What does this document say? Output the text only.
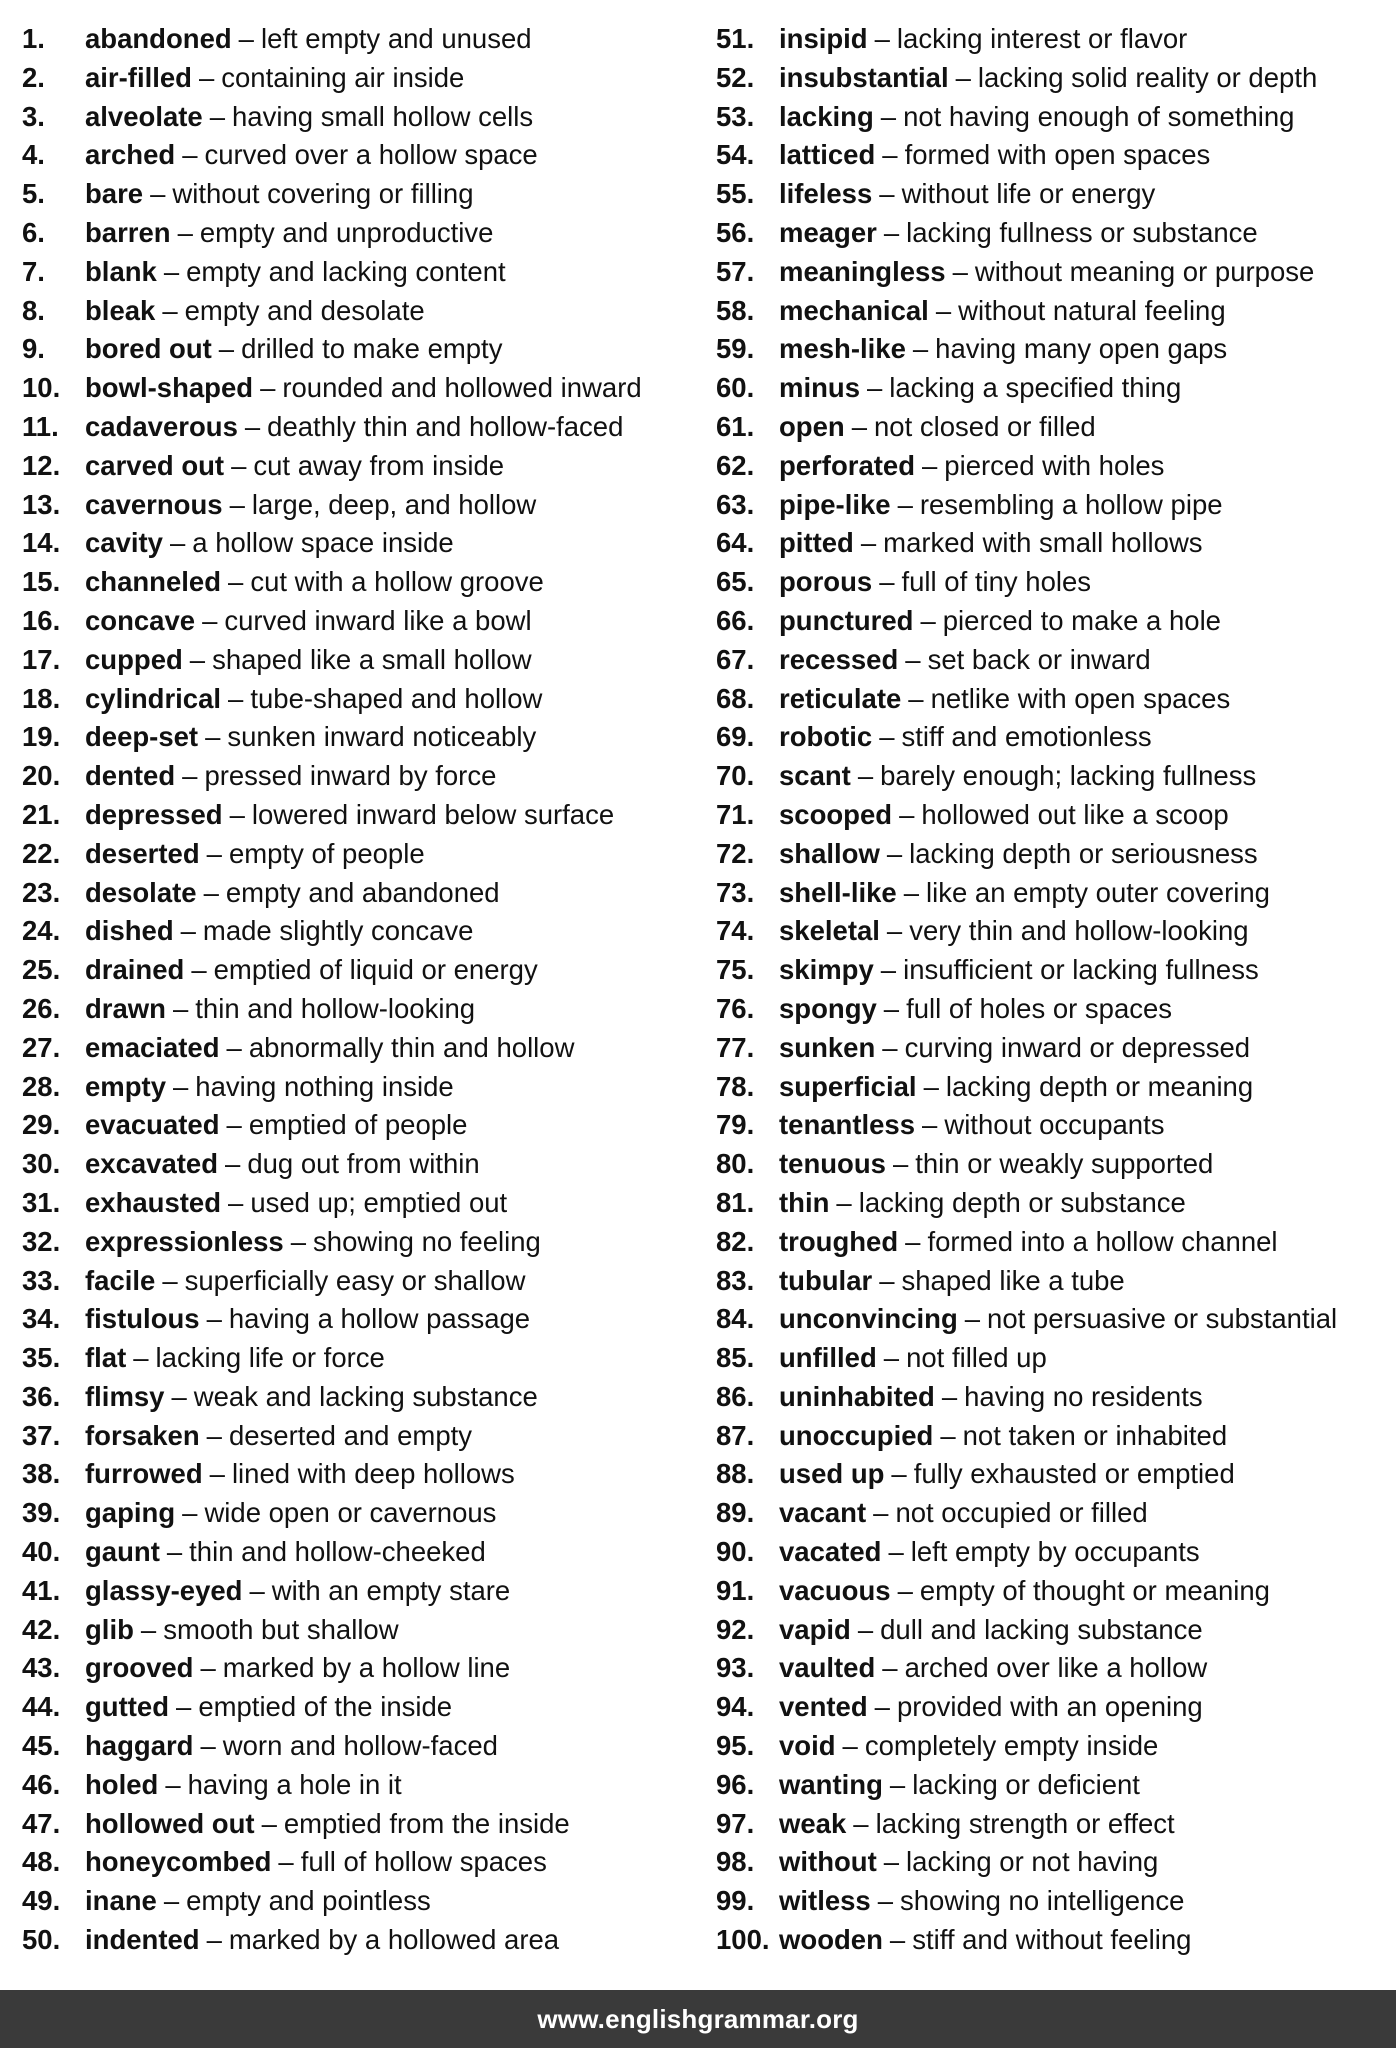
1.	abandoned – left empty and unused
2.	air-filled – containing air inside
3.	alveolate – having small hollow cells
4.	arched – curved over a hollow space
5.	bare – without covering or filling
6.	barren – empty and unproductive
7.	blank – empty and lacking content
8.	bleak – empty and desolate
9.	bored out – drilled to make empty
10. bowl-shaped – rounded and hollowed inward
11. cadaverous – deathly thin and hollow-faced
12. carved out – cut away from inside
13. cavernous – large, deep, and hollow
14. cavity – a hollow space inside
15. channeled – cut with a hollow groove
16. concave – curved inward like a bowl
17. cupped – shaped like a small hollow
18. cylindrical – tube-shaped and hollow
19. deep-set – sunken inward noticeably
20. dented – pressed inward by force
21. depressed – lowered inward below surface
22. deserted – empty of people
23. desolate – empty and abandoned
24. dished – made slightly concave
25. drained – emptied of liquid or energy
26. drawn – thin and hollow-looking
27. emaciated – abnormally thin and hollow
28. empty – having nothing inside
29. evacuated – emptied of people
30. excavated – dug out from within
31. exhausted – used up; emptied out
32. expressionless – showing no feeling
33. facile – superficially easy or shallow
34. fistulous – having a hollow passage
35. flat – lacking life or force
36. flimsy – weak and lacking substance
37. forsaken – deserted and empty
38. furrowed – lined with deep hollows
39. gaping – wide open or cavernous
40. gaunt – thin and hollow-cheeked
41. glassy-eyed – with an empty stare
42. glib – smooth but shallow
43. grooved – marked by a hollow line
44. gutted – emptied of the inside
45. haggard – worn and hollow-faced
46. holed – having a hole in it
47. hollowed out – emptied from the inside
48. honeycombed – full of hollow spaces
49. inane – empty and pointless
50. indented – marked by a hollowed area
51. insipid – lacking interest or flavor
52. insubstantial – lacking solid reality or depth
53. lacking – not having enough of something
54. latticed – formed with open spaces
55. lifeless – without life or energy
56. meager – lacking fullness or substance
57. meaningless – without meaning or purpose
58. mechanical – without natural feeling
59. mesh-like – having many open gaps
60. minus – lacking a specified thing
61. open – not closed or filled
62. perforated – pierced with holes
63. pipe-like – resembling a hollow pipe
64. pitted – marked with small hollows
65. porous – full of tiny holes
66. punctured – pierced to make a hole
67. recessed – set back or inward
68. reticulate – netlike with open spaces
69. robotic – stiff and emotionless
70. scant – barely enough; lacking fullness
71. scooped – hollowed out like a scoop
72. shallow – lacking depth or seriousness
73. shell-like – like an empty outer covering
74. skeletal – very thin and hollow-looking
75. skimpy – insufficient or lacking fullness
76. spongy – full of holes or spaces
77. sunken – curving inward or depressed
78. superficial – lacking depth or meaning
79. tenantless – without occupants
80. tenuous – thin or weakly supported
81. thin – lacking depth or substance
82. troughed – formed into a hollow channel
83. tubular – shaped like a tube
84. unconvincing – not persuasive or substantial
85. unfilled – not filled up
86. uninhabited – having no residents
87. unoccupied – not taken or inhabited
88. used up – fully exhausted or emptied
89. vacant – not occupied or filled
90. vacated – left empty by occupants
91. vacuous – empty of thought or meaning
92. vapid – dull and lacking substance
93. vaulted – arched over like a hollow
94. vented – provided with an opening
95. void – completely empty inside
96. wanting – lacking or deficient
97. weak – lacking strength or effect
98. without – lacking or not having
99. witless – showing no intelligence
100. wooden – stiff and without feeling
www.englishgrammar.org
